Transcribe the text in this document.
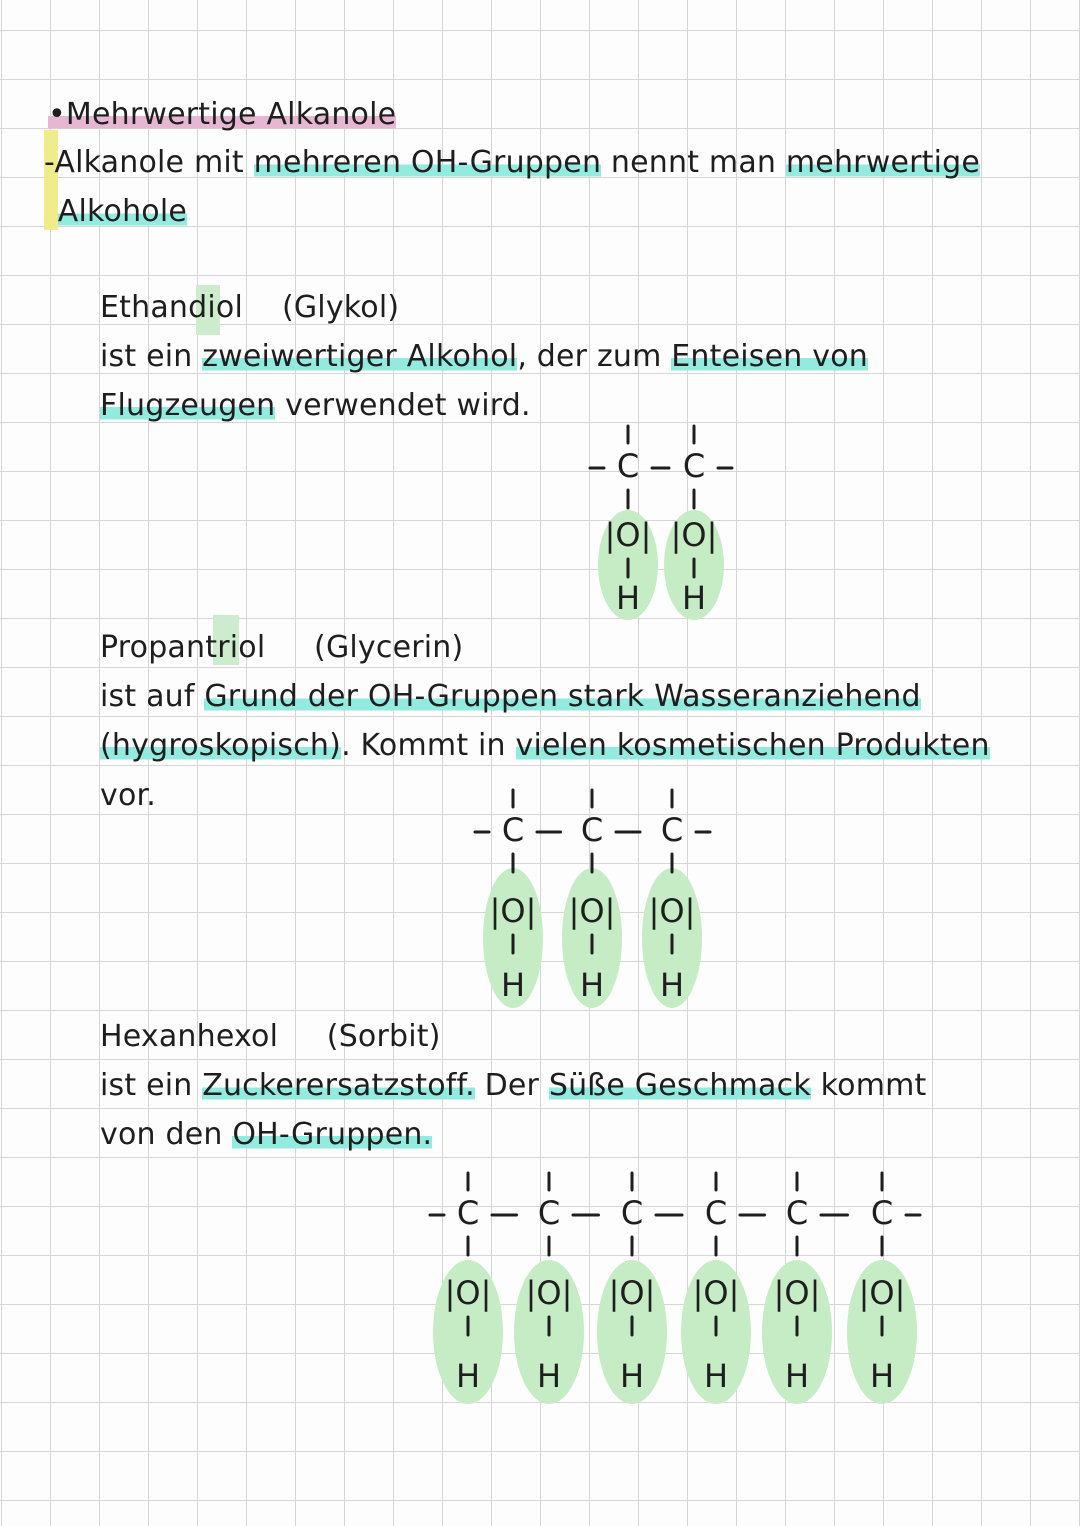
•Mehrwertige Alkanole
-Alkanole mit mehreren OH-Gruppen nennt man mehrwertige
Alkohole
Ethandiol    (Glykol)
ist ein zweiwertiger Alkohol, der zum Enteisen von
Flugzeugen verwendet wird.
Propantriol     (Glycerin)
ist auf Grund der OH-Gruppen stark Wasseranziehend
(hygroskopisch). Kommt in vielen kosmetischen Produkten
vor.
Hexanhexol     (Sorbit)
ist ein Zuckerersatzstoff. Der Süße Geschmack kommt
von den OH-Gruppen.
C
|O|
H
C
|O|
H
C
|O|
H
C
|O|
H
C
|O|
H
C
|O|
H
C
|O|
H
C
|O|
H
C
|O|
H
C
|O|
H
C
|O|
H
